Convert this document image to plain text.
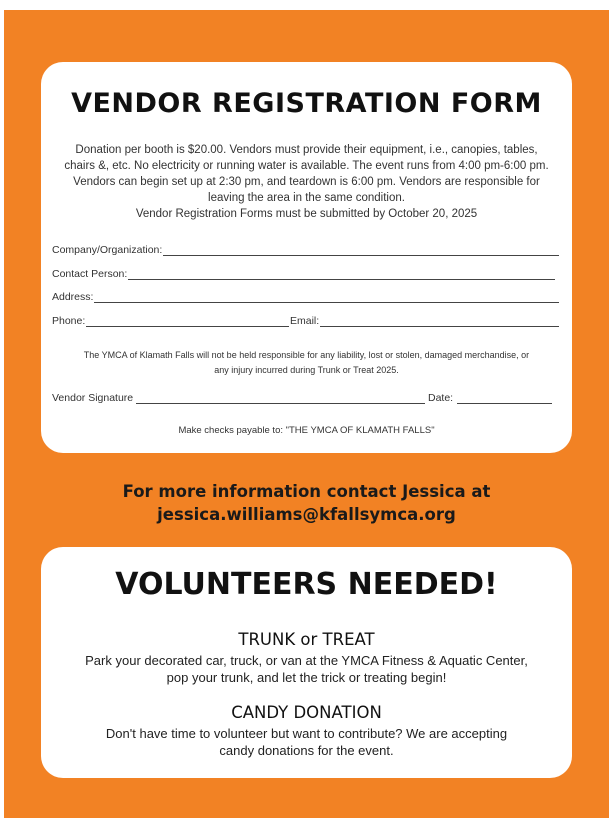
VENDOR REGISTRATION FORM

Donation per booth is $20.00. Vendors must provide their equipment, i.e., canopies, tables,

chairs &, etc. No electricity or running water is available. The event runs from 4:00 pm-6:00 pm.

Vendors can begin set up at 2:30 pm, and teardown is 6:00 pm. Vendors are responsible for

leaving the area in the same condition.

Vendor Registration Forms must be submitted by October 20, 2025

Company/Organization:
Contact Person:
Address:
Phone:	Email:
The YMCA of Klamath Falls will not be held responsible for any liability, lost or stolen, damaged merchandise, or
any injury incurred during Trunk or Treat 2025.
Vendor Signature	Date:
Make checks payable to: "THE YMCA OF KLAMATH FALLS"
For more information contact Jessica at
jessica.williams@kfallsymca.org
VOLUNTEERS NEEDED!
TRUNK or TREAT
Park your decorated car, truck, or van at the YMCA Fitness & Aquatic Center,
pop your trunk, and let the trick or treating begin!
CANDY DONATION
Don't have time to volunteer but want to contribute? We are accepting
candy donations for the event.
